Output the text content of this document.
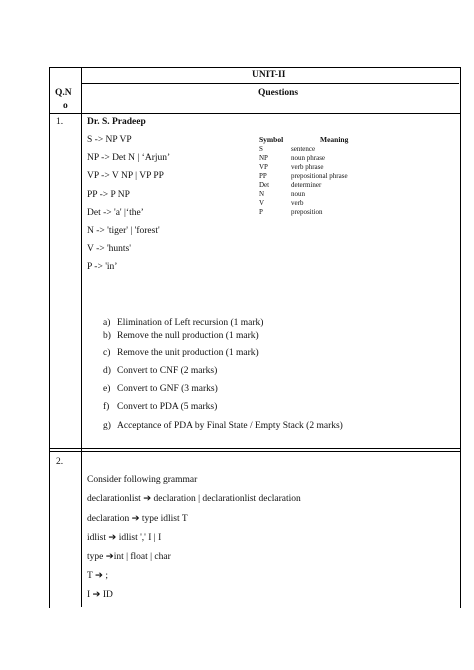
UNIT-II
Q.N
o
Questions
1.	Dr. S. Pradeep
S -> NP VP
NP -> Det N | ‘Arjun’
VP -> V NP | VP PP
PP -> P NP
Det -> 'a' |‘the’
N -> 'tiger' | 'forest'
V -> 'hunts'
P -> 'in’
Symbol	Meaning
S	sentence
NP	noun phrase
VP	verb phrase
PP	prepositional phrase
Det	determiner
N	noun
V	verb
P	preposition
a) Elimination of Left recursion (1 mark)
b) Remove the null production (1 mark)
c) Remove the unit production (1 mark)
d) Convert to CNF (2 marks)
e) Convert to GNF (3 marks)
f) Convert to PDA (5 marks)
g) Acceptance of PDA by Final State / Empty Stack (2 marks)
2.
Consider following grammar
declarationlist ➔ declaration | declarationlist declaration
declaration ➔ type idlist T
idlist ➔ idlist ',' I | I
type ➔int | float | char
T ➔ ;
I ➔ ID
